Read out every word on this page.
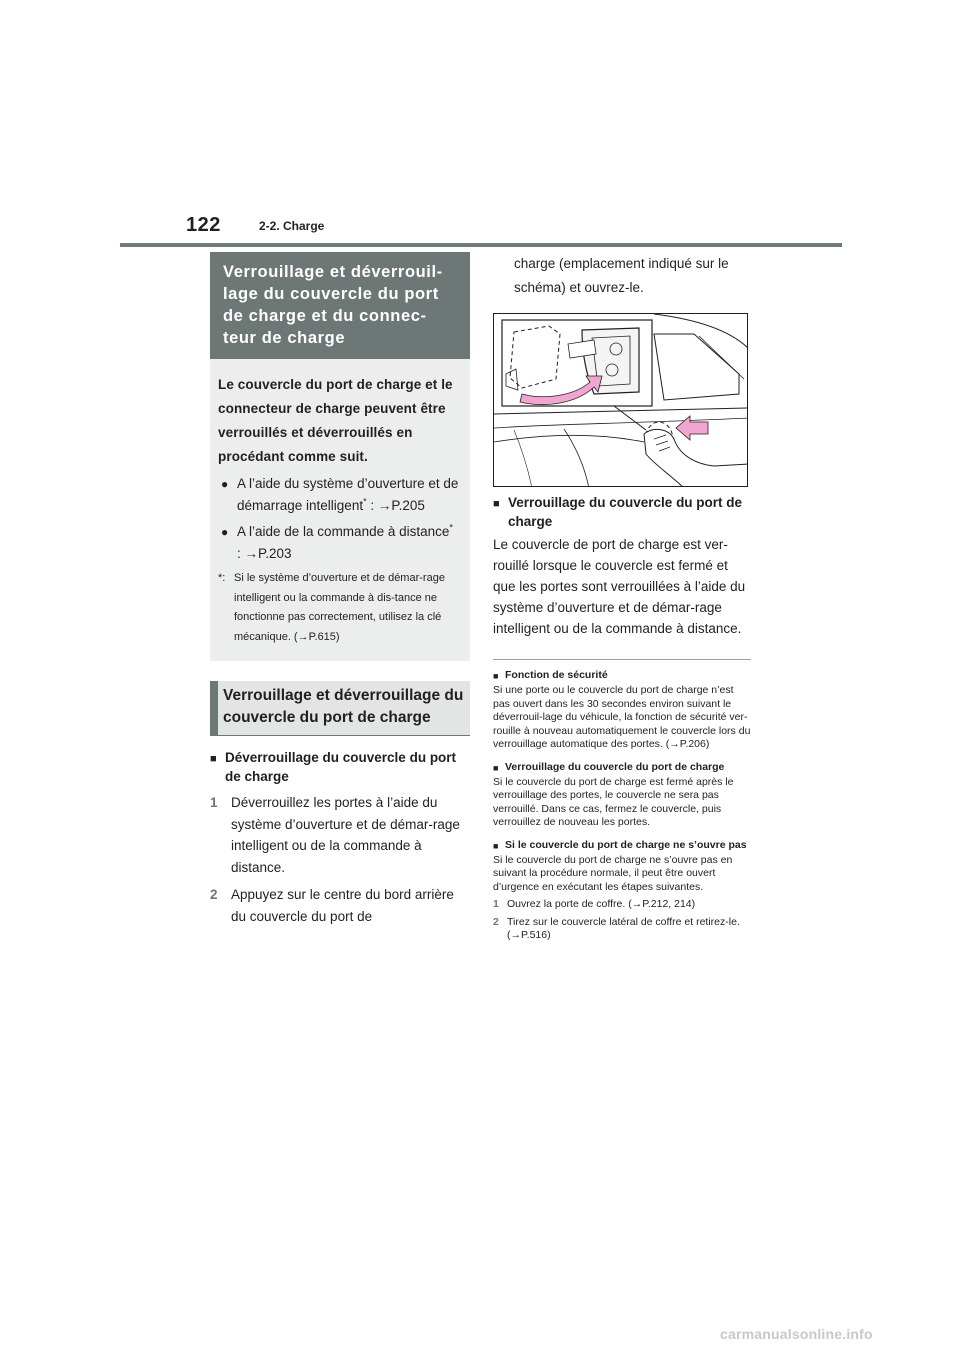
122	2-2. Charge
Verrouillage et déverrouil-lage du couvercle du port de charge et du connec-teur de charge
Le couvercle du port de charge et le connecteur de charge peuvent être verrouillés et déverrouillés en procédant comme suit.
● A l’aide du système d’ouverture et de démarrage intelligent* : →P.205
● A l’aide de la commande à distance* : →P.203
*: Si le système d’ouverture et de démar-rage intelligent ou la commande à dis-tance ne fonctionne pas correctement, utilisez la clé mécanique. (→P.615)
Verrouillage et déverrouillage du couvercle du port de charge
■ Déverrouillage du couvercle du port de charge
1 Déverrouillez les portes à l’aide du système d’ouverture et de démar-rage intelligent ou de la commande à distance.
2 Appuyez sur le centre du bord arrière du couvercle du port de
charge (emplacement indiqué sur le schéma) et ouvrez-le.
■ Verrouillage du couvercle du port de charge
Le couvercle de port de charge est ver-rouillé lorsque le couvercle est fermé et que les portes sont verrouillées à l’aide du système d’ouverture et de démar-rage intelligent ou de la commande à distance.
■ Fonction de sécurité
Si une porte ou le couvercle du port de charge n’est pas ouvert dans les 30 secondes environ suivant le déverrouil-lage du véhicule, la fonction de sécurité ver-rouille à nouveau automatiquement le couvercle lors du verrouillage automatique des portes. (→P.206)
■ Verrouillage du couvercle du port de charge
Si le couvercle du port de charge est fermé après le verrouillage des portes, le couvercle ne sera pas verrouillé. Dans ce cas, fermez le couvercle, puis verrouillez de nouveau les portes.
■ Si le couvercle du port de charge ne s’ouvre pas
Si le couvercle du port de charge ne s’ouvre pas en suivant la procédure normale, il peut être ouvert d’urgence en exécutant les étapes suivantes.
1 Ouvrez la porte de coffre. (→P.212, 214)
2 Tirez sur le couvercle latéral de coffre et retirez-le. (→P.516)
carmanualsonline.info
